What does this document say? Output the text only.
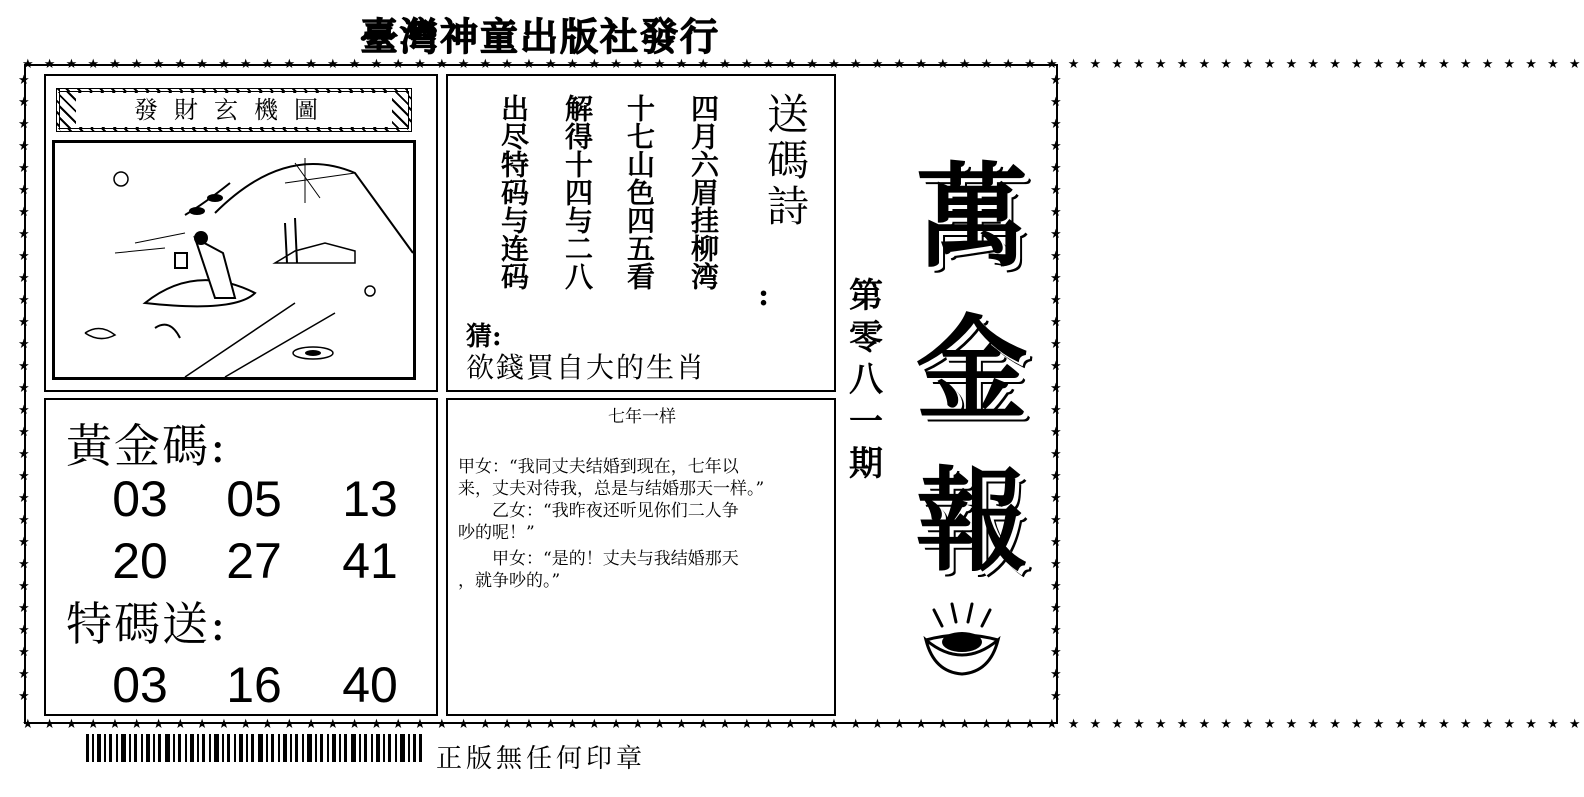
臺灣神童出版社發行
★ ★ ★ ★ ★ ★ ★ ★ ★ ★ ★ ★ ★ ★ ★ ★ ★ ★ ★ ★ ★ ★ ★ ★ ★ ★ ★ ★ ★ ★ ★ ★ ★ ★ ★ ★ ★ ★ ★ ★ ★ ★ ★ ★ ★ ★ ★ ★ ★ ★ ★ ★ ★ ★ ★ ★ ★ ★ ★ ★ ★ ★ ★ ★ ★ ★ ★ ★ ★ ★ ★ ★
★ ★ ★ ★ ★ ★ ★ ★ ★ ★ ★ ★ ★ ★ ★ ★ ★ ★ ★ ★ ★ ★ ★ ★ ★ ★ ★ ★ ★ ★ ★ ★ ★ ★ ★ ★ ★ ★ ★ ★ ★ ★ ★ ★ ★ ★ ★ ★ ★ ★ ★ ★ ★ ★ ★ ★ ★ ★ ★ ★ ★ ★ ★ ★ ★ ★ ★ ★ ★ ★ ★ ★
★ ★ ★ ★ ★ ★ ★ ★ ★ ★ ★ ★ ★ ★ ★ ★ ★ ★ ★ ★ ★ ★ ★ ★ ★ ★ ★ ★ ★
★ ★ ★ ★ ★ ★ ★ ★ ★ ★ ★ ★ ★ ★ ★ ★ ★ ★ ★ ★ ★ ★ ★ ★ ★ ★ ★ ★ ★
發財玄機圖	送碼詩
:
四月六眉挂柳湾
十七山色四五看
解得十四与二八
出尽特码与连码
猜:
欲錢買自大的生肖
黃金碼:
03	05	13
20	27	41
特碼送:
03	16	40
七年一样
甲女：“我同丈夫结婚到现在，七年以
来，丈夫对待我，总是与结婚那天一样。”
　　乙女：“我昨夜还听见你们二人争
吵的呢！”
　　甲女：“是的！丈夫与我结婚那天
，就争吵的。”
萬
金
報
第
零
八
一
期
正版無任何印章
